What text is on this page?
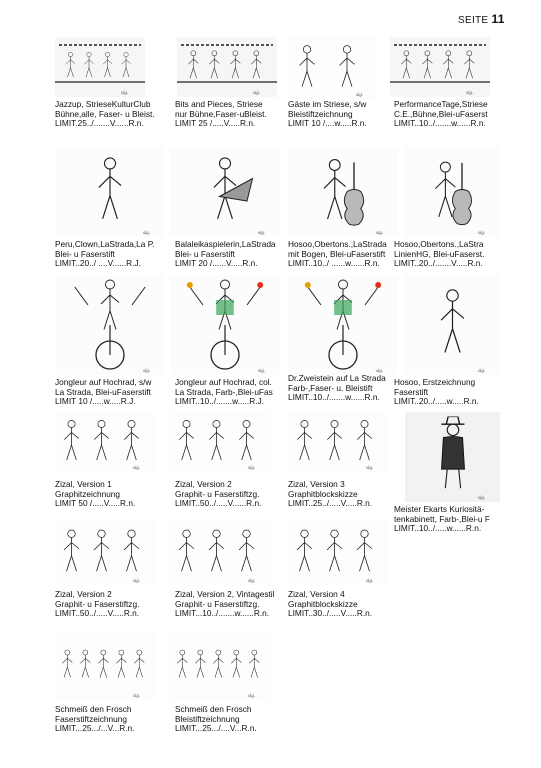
SEITE 11
sig.
Jazzup, StrieseKulturClub
Bühne,alle, Faser- u Bleist.
LIMIT.25../.......V......R.n.
sig.
Bits and Pieces, Striese
nur Bühne,Faser-uBleist.
LIMIT 25 /.....V.....R.n.
sig.
Gäste im Striese, s/w
Bleistiftzeichnung
LIMIT 10 /....w.....R.n.
sig.
PerformanceTage,Striese
C.E.,Bühne,Blei-uFaserst
LIMIT..10../.......w......R.n.
sig.
Peru,Clown,LaStrada,La P.
Blei- u Faserstift
LIMIT..20../ ....V......R.J.
sig.
Balaleikaspielerin,LaStrada
Blei- u Faserstift
LIMIT 20 /......V.....R.n.
sig.
Hosoo,Obertons.,LaStrada
mit Bogen, Blei-uFaserstift
LIMIT..10../ ......w......R.n.
sig.
Hosoo,Obertons.,LaStra
LinienHG, Blei-uFaserst.
LIMIT..20../.......V.....R.n.
sig.
Jongleur auf Hochrad, s/w
La Strada, Blei-uFaserstift
LIMIT 10 /.....w.....R.J.
sig.
Jongleur auf Hochrad, col.
La Strada, Farb-,Blei-uFas
LIMIT..10../.......w.....R.J.
sig.
Dr.Zweistein auf La Strada
Farb-,Faser- u. Bleistift
LIMIT..10../.......w......R.n.
sig.
Hosoo, Erstzeichnung
Faserstift
LIMIT..20../.....w.....R.n.
sig.
Zizal, Version 1
Graphitzeichnung
LIMIT 50 /.....V.....R.n.
sig.
Zizal, Version 2
Graphit- u Faserstiftzg.
LIMIT..50../.....V......R.n.
sig.
Zizal, Version 3
Graphitblockskizze
LIMIT..25../.....V.....R.n.	sig.
Meister Ekarts Kuriositä-
tenkabinett, Farb-,Blei-u F
LIMIT..10../.....w......R.n.
sig.
Zizal, Version 2
Graphit- u Faserstiftzg.
LIMIT..50../.....V.....R.n.
sig.
Zizal, Version 2, Vintagestil
Graphit- u Faserstiftzg.
LIMIT...10../.......w......R.n.
sig.
Zizal, Version 4
Graphitblockskizze
LIMIT..30../.....V.....R.n.
sig.
Schmeiß den Frosch
Faserstiftzeichnung
LIMIT...25.../...V...R.n.
sig.
Schmeiß den Frosch
Bleistiftzeichnung
LIMIT...25.../....V...R.n.
